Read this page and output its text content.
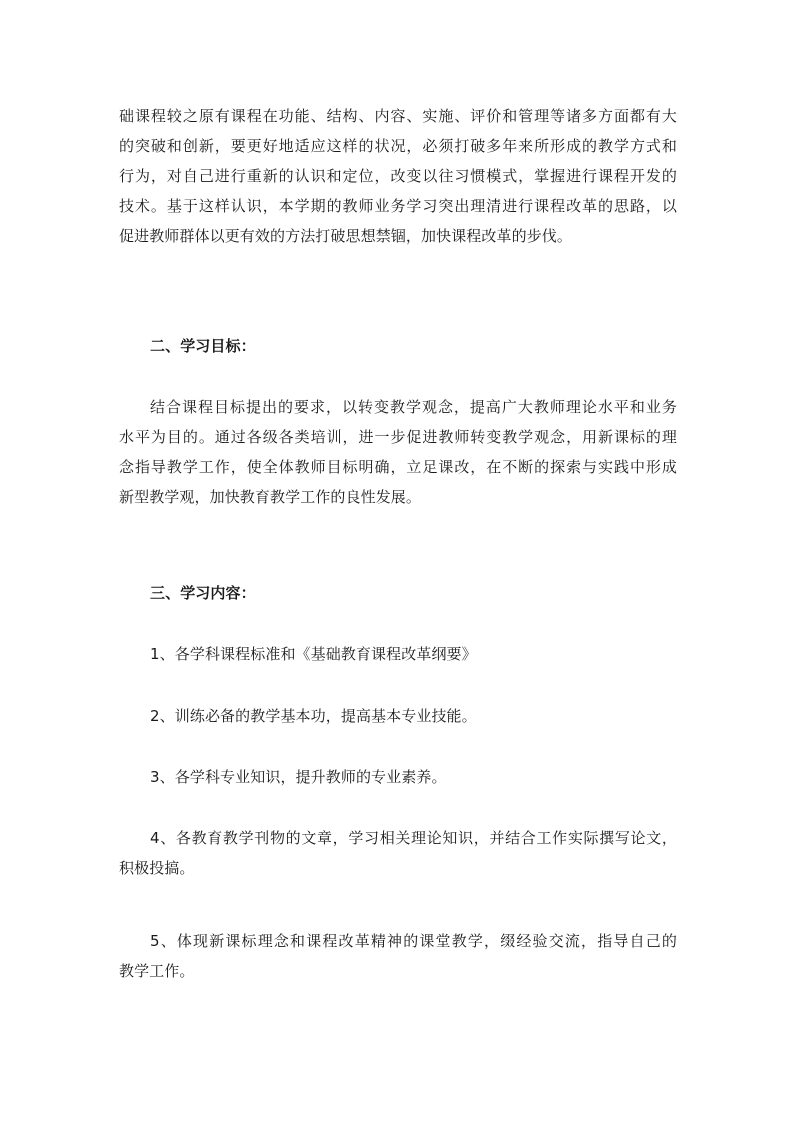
础课程较之原有课程在功能、结构、内容、实施、评价和管理等诸多方面都有大
的突破和创新，要更好地适应这样的状况，必须打破多年来所形成的教学方式和
行为，对自己进行重新的认识和定位，改变以往习惯模式，掌握进行课程开发的
技术。基于这样认识，本学期的教师业务学习突出理清进行课程改革的思路，以
促进教师群体以更有效的方法打破思想禁锢，加快课程改革的步伐。
二、学习目标：
结合课程目标提出的要求，以转变教学观念，提高广大教师理论水平和业务
水平为目的。通过各级各类培训，进一步促进教师转变教学观念，用新课标的理
念指导教学工作，使全体教师目标明确，立足课改，在不断的探索与实践中形成
新型教学观，加快教育教学工作的良性发展。
三、学习内容：
1、各学科课程标准和《基础教育课程改革纲要》
2、训练必备的教学基本功，提高基本专业技能。
3、各学科专业知识，提升教师的专业素养。
4、各教育教学刊物的文章，学习相关理论知识，并结合工作实际撰写论文，
积极投搞。
5、体现新课标理念和课程改革精神的课堂教学，缀经验交流，指导自己的
教学工作。
